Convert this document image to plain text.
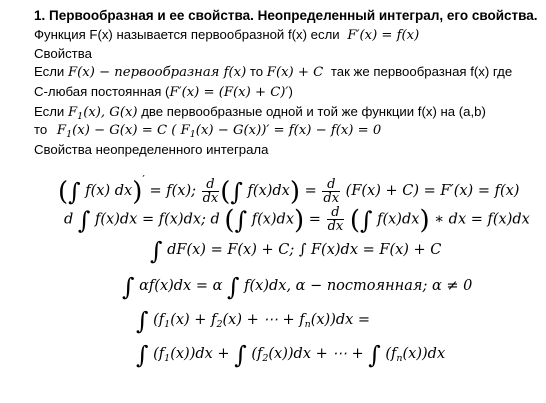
1. Первообразная и ее свойства. Неопределенный интеграл, его свойства.
Функция F(x) называется первообразной f(x) если F′(x) = f(x)
Свойства
Если F(x) − первообразная f(x) то F(x) + C так же первообразная f(x) где
С-любая постоянная (F′(x) = (F(x) + C)′)
Если $F_1(x)$, G(x) две первообразные одной и той же функции f(x) на (a,b)
то $F_1(x) - G(x) = C$ ( $F_1(x) - G(x))' = f(x) - f(x) = 0$
Свойства неопределенного интеграла
(∫ f(x) dx)′ = f(x); $\frac{d}{dx}$ (∫ $f(x)dx) = \frac{d}{dx} (F(x) + C) = F'(x) = f(x)$
d ∫ f(x)dx = f(x)dx; d (∫ $f(x)dx) = \frac{d}{dx}$ (∫ f(x)dx) ∗ dx = f(x)dx
∫ dF(x) = F(x) + C; ∫ F(x)dx = F(x) + C
∫ αf(x)dx = α ∫ f(x)dx, α − постоянная; α ≠ 0
∫ ($f_1(x) + f_2(x)$ + ⋯ + $f_n(x))dx$ =
∫ $(f_1(x))dx$ + ∫ $(f_2(x))dx$ + ⋯ + ∫ $(f_n(x))dx$
